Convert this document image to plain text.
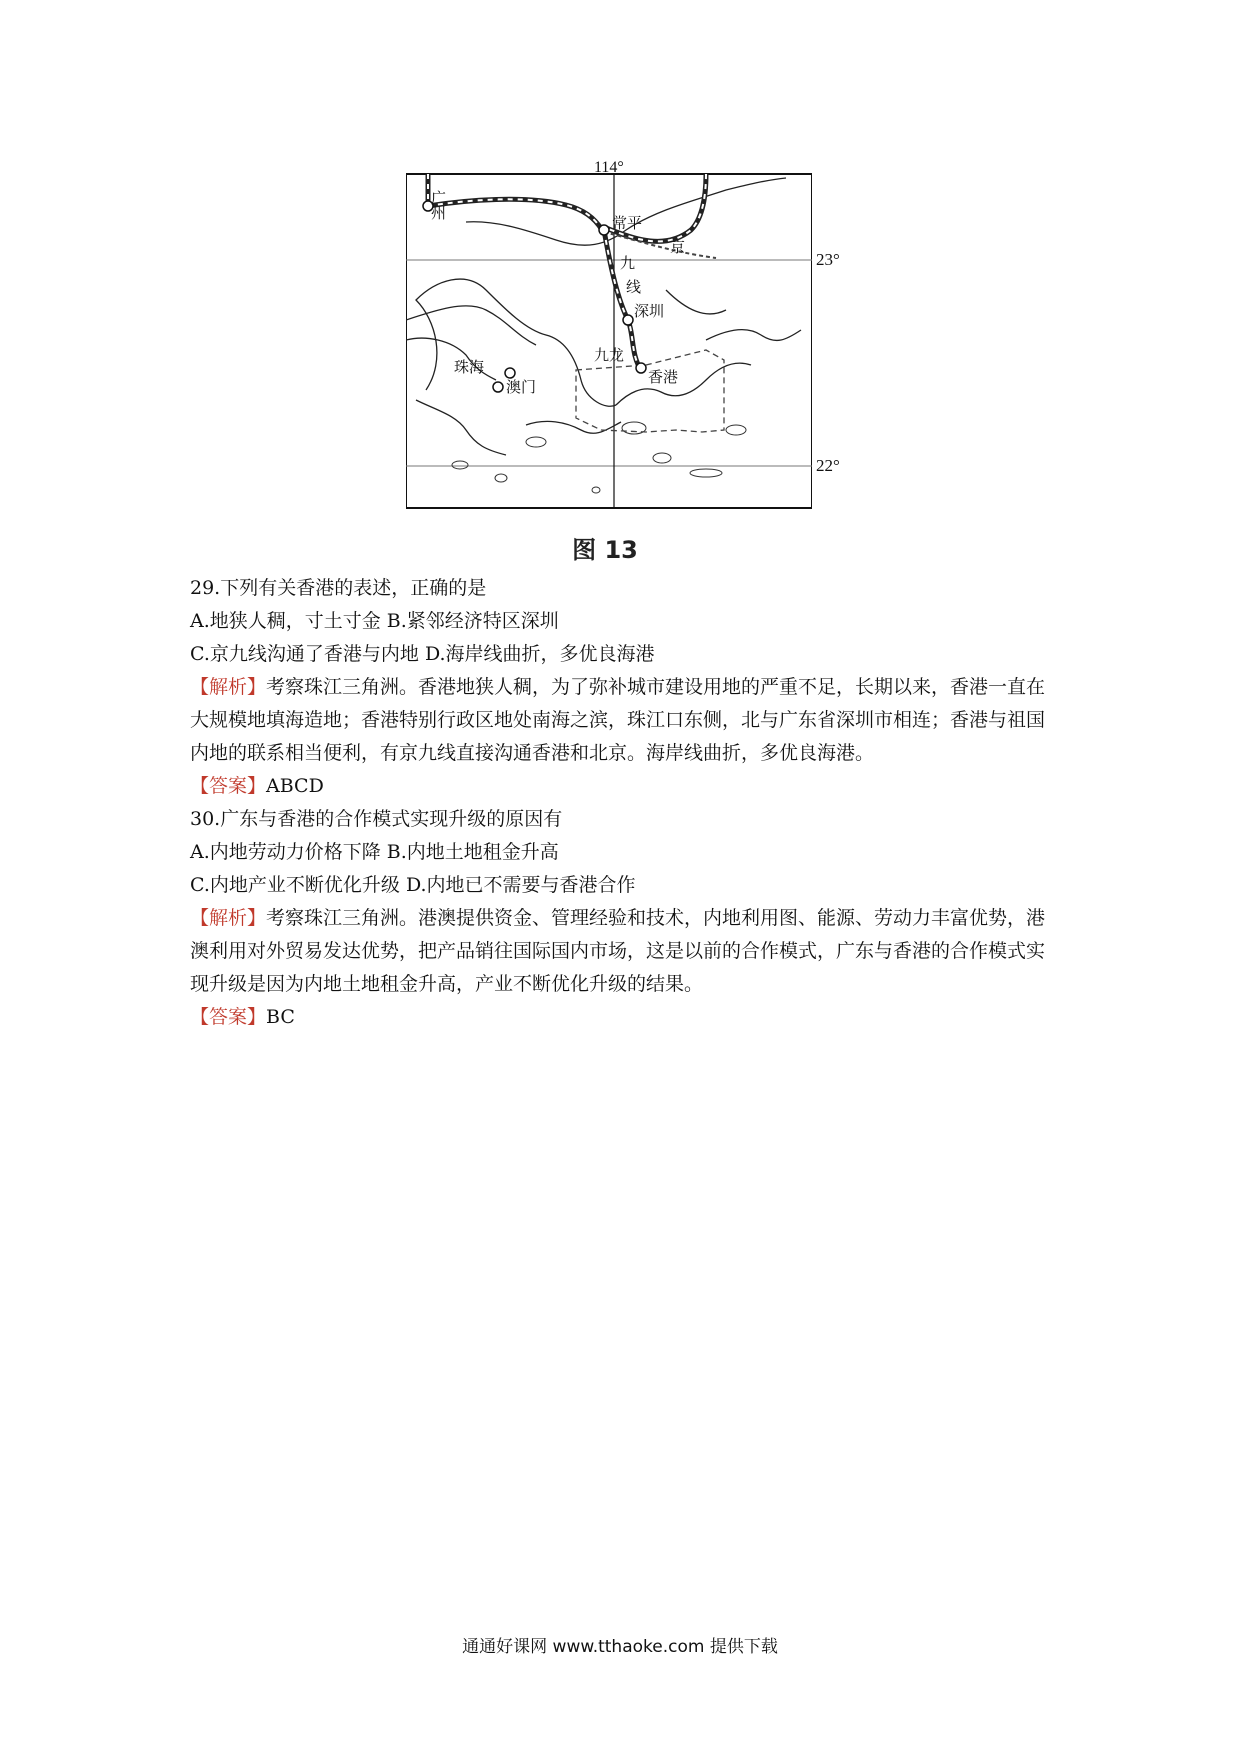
114°
广州
常平
京
九
线
深圳
九龙
香港
珠海
澳门
23°
22°
图 13

29.下列有关香港的表述，正确的是

A.地狭人稠，寸土寸金 B.紧邻经济特区深圳

C.京九线沟通了香港与内地 D.海岸线曲折，多优良海港

【解析】考察珠江三角洲。香港地狭人稠，为了弥补城市建设用地的严重不足，长期以来，香港一直在大规模地填海造地；香港特别行政区地处南海之滨，珠江口东侧，北与广东省深圳市相连；香港与祖国内地的联系相当便利，有京九线直接沟通香港和北京。海岸线曲折，多优良海港。

【答案】ABCD

30.广东与香港的合作模式实现升级的原因有

A.内地劳动力价格下降 B.内地土地租金升高

C.内地产业不断优化升级 D.内地已不需要与香港合作

【解析】考察珠江三角洲。港澳提供资金、管理经验和技术，内地利用图、能源、劳动力丰富优势，港澳利用对外贸易发达优势，把产品销往国际国内市场，这是以前的合作模式，广东与香港的合作模式实现升级是因为内地土地租金升高，产业不断优化升级的结果。

【答案】BC

通通好课网 www.tthaoke.com 提供下载
